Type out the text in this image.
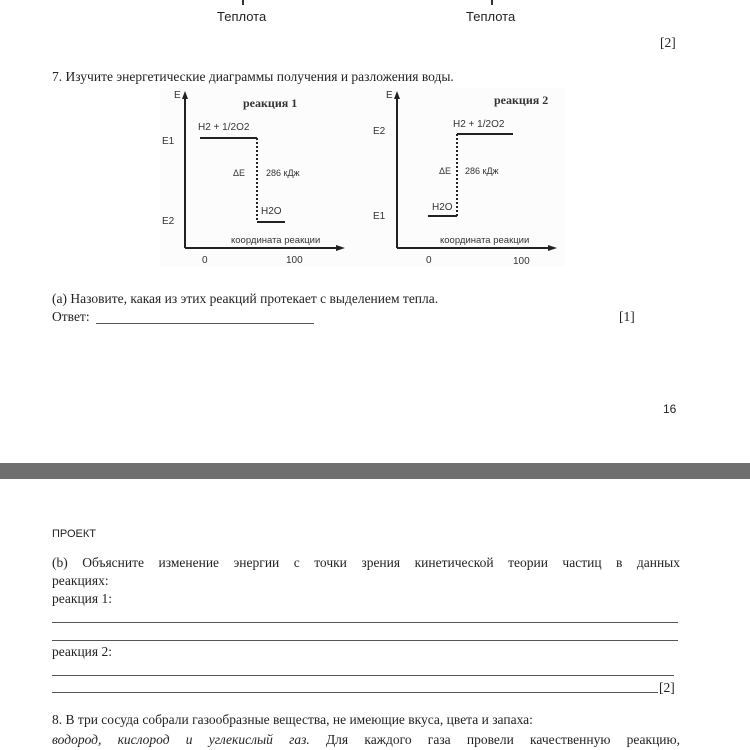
Теплота	Теплота
[2]
7. Изучите энергетические диаграммы получения и разложения воды.
E
реакция 1
E1
E2
H2 + 1/2O2
ΔE 286 кДж
H2O
координата реакции
0	100
E	реакция 2
E2
E1
H2 + 1/2O2
ΔE 286 кДж
H2O
координата реакции
0	100
(a) Назовите, какая из этих реакций протекает с выделением тепла.
Ответ:	[1]
16
ПРОЕКТ
(b) Объясните изменение энергии с точки зрения кинетической теории частиц в данных
реакциях:
реакция 1:
реакция 2:
[2]
8. В три сосуда собрали газообразные вещества, не имеющие вкуса, цвета и запаха:
водород, кислород и углекислый газ. Для каждого газа провели качественную реакцию,
